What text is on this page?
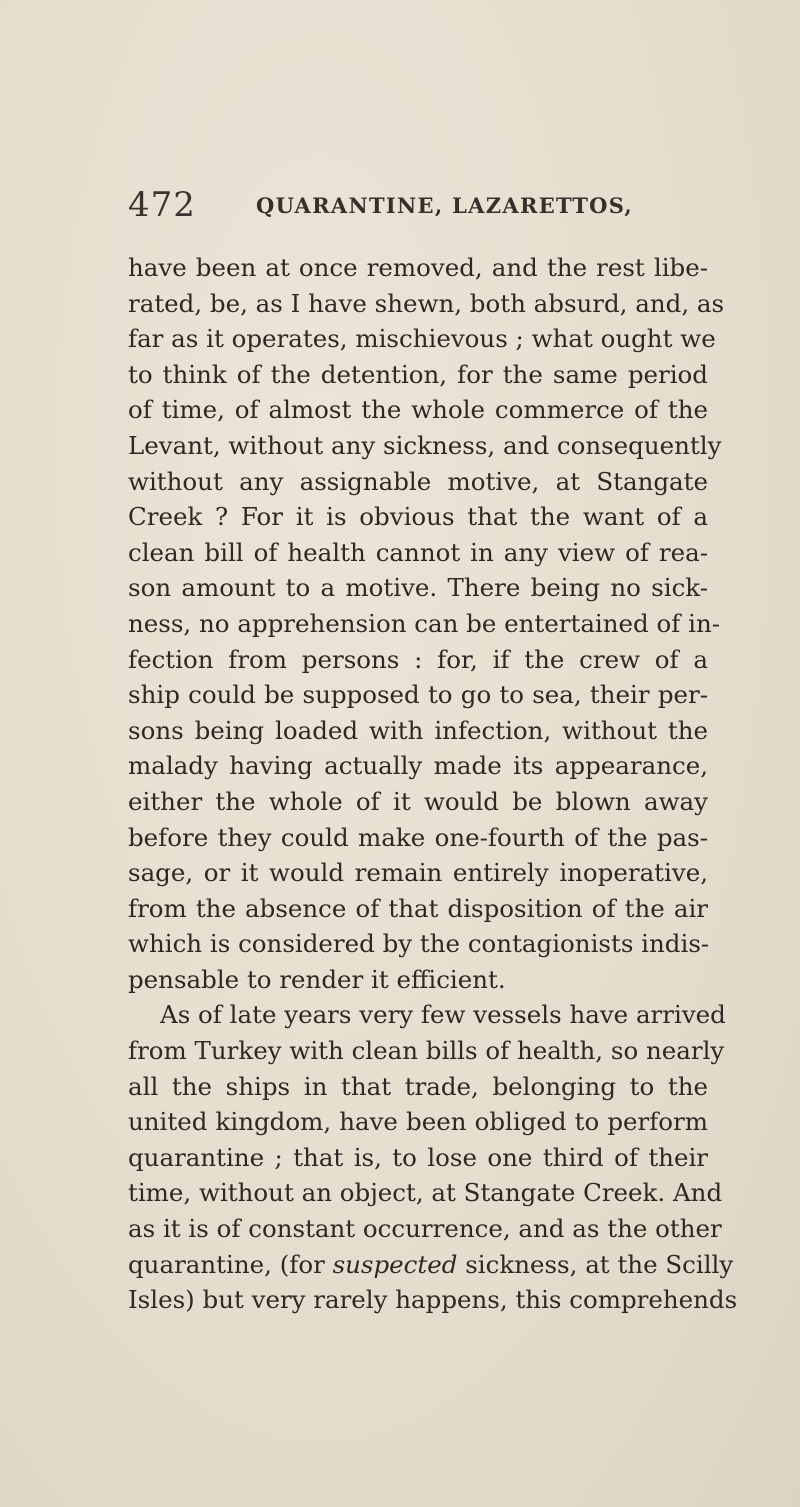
472	QUARANTINE, LAZARETTOS,
have been at once removed, and the rest libe-
rated, be, as I have shewn, both absurd, and, as
far as it operates, mischievous ; what ought we
to think of the detention, for the same period
of time, of almost the whole commerce of the
Levant, without any sickness, and consequently
without any assignable motive, at Stangate
Creek ? For it is obvious that the want of a
clean bill of health cannot in any view of rea-
son amount to a motive. There being no sick-
ness, no apprehension can be entertained of in-
fection from persons : for, if the crew of a
ship could be supposed to go to sea, their per-
sons being loaded with infection, without the
malady having actually made its appearance,
either the whole of it would be blown away
before they could make one-fourth of the pas-
sage, or it would remain entirely inoperative,
from the absence of that disposition of the air
which is considered by the contagionists indis-
pensable to render it efficient.
As of late years very few vessels have arrived
from Turkey with clean bills of health, so nearly
all the ships in that trade, belonging to the
united kingdom, have been obliged to perform
quarantine ; that is, to lose one third of their
time, without an object, at Stangate Creek. And
as it is of constant occurrence, and as the other
quarantine, (for suspected sickness, at the Scilly
Isles) but very rarely happens, this comprehends
